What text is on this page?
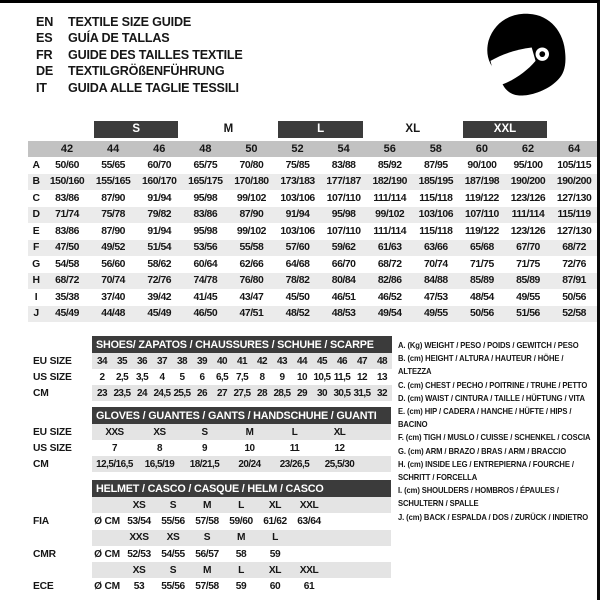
EN	TEXTILE SIZE GUIDE
ES	GUÍA DE TALLAS
FR	GUIDE DES TAILLES TEXTILE
DE	TEXTILGRÖßENFÜHRUNG
IT	GUIDA ALLE TAGLIE TESSILI

		S		M		L		XL		XXL		

	42	44	46	48	50	52	54	56	58	60	62	64
A	50/60	55/65	60/70	65/75	70/80	75/85	83/88	85/92	87/95	90/100	95/100	105/115
B	150/160	155/165	160/170	165/175	170/180	173/183	177/187	182/190	185/195	187/198	190/200	190/200
C	83/86	87/90	91/94	95/98	99/102	103/106	107/110	111/114	115/118	119/122	123/126	127/130
D	71/74	75/78	79/82	83/86	87/90	91/94	95/98	99/102	103/106	107/110	111/114	115/119
E	83/86	87/90	91/94	95/98	99/102	103/106	107/110	111/114	115/118	119/122	123/126	127/130
F	47/50	49/52	51/54	53/56	55/58	57/60	59/62	61/63	63/66	65/68	67/70	68/72
G	54/58	56/60	58/62	60/64	62/66	64/68	66/70	68/72	70/74	71/75	71/75	72/76
H	68/72	70/74	72/76	74/78	76/80	78/82	80/84	82/86	84/88	85/89	85/89	87/91
I	35/38	37/40	39/42	41/45	43/47	45/50	46/51	46/52	47/53	48/54	49/55	50/56
J	45/49	44/48	45/49	46/50	47/51	48/52	48/53	49/54	49/55	50/56	51/56	52/58
	SHOES/ ZAPATOS / CHAUSSURES / SCHUHE / SCARPE														
EU SIZE	34	35	36	37	38	39	40	41	42	43	44	45	46	47	48
US SIZE	2	2,5	3,5	4	5	6	6,5	7,5	8	9	10	10,5	11,5	12	13
CM	23	23,5	24	24,5	25,5	26	27	27,5	28	28,5	29	30	30,5	31,5	32
	GLOVES / GUANTES / GANTS / HANDSCHUHE / GUANTI						
EU SIZE	XXS	XS	S	M	L	XL	
US SIZE	7	8	9	10	11	12	
CM	12,5/16,5	16,5/19	18/21,5	20/24	23/26,5	25,5/30	
	HELMET / CASCO / CASQUE / HELM / CASCO							
		XS	S	M	L	XL	XXL	
FIA	Ø CM	53/54	55/56	57/58	59/60	61/62	63/64	
		XXS	XS	S	M	L		
CMR	Ø CM	52/53	54/55	56/57	58	59		
		XS	S	M	L	XL	XXL	
ECE	Ø CM	53	55/56	57/58	59	60	61	
A. (Kg) WEIGHT / PESO / POIDS / GEWITCH / PESO
B. (cm) HEIGHT / ALTURA / HAUTEUR / HÖHE / ALTEZZA
C. (cm) CHEST / PECHO / POITRINE / TRUHE / PETTO
D. (cm) WAIST / CINTURA / TAILLE / HÜFTUNG / VITA
E. (cm) HIP / CADERA / HANCHE / HÜFTE / HIPS / BACINO
F. (cm) TIGH / MUSLO / CUISSE / SCHENKEL / COSCIA
G. (cm) ARM / BRAZO / BRAS / ARM / BRACCIO
H. (cm) INSIDE LEG / ENTREPIERNA / FOURCHE / SCHRITT / FORCELLA
I. (cm) SHOULDERS / HOMBROS / ÉPAULES / SCHULTERN / SPALLE
J. (cm) BACK / ESPALDA / DOS / ZURÜCK / INDIETRO
